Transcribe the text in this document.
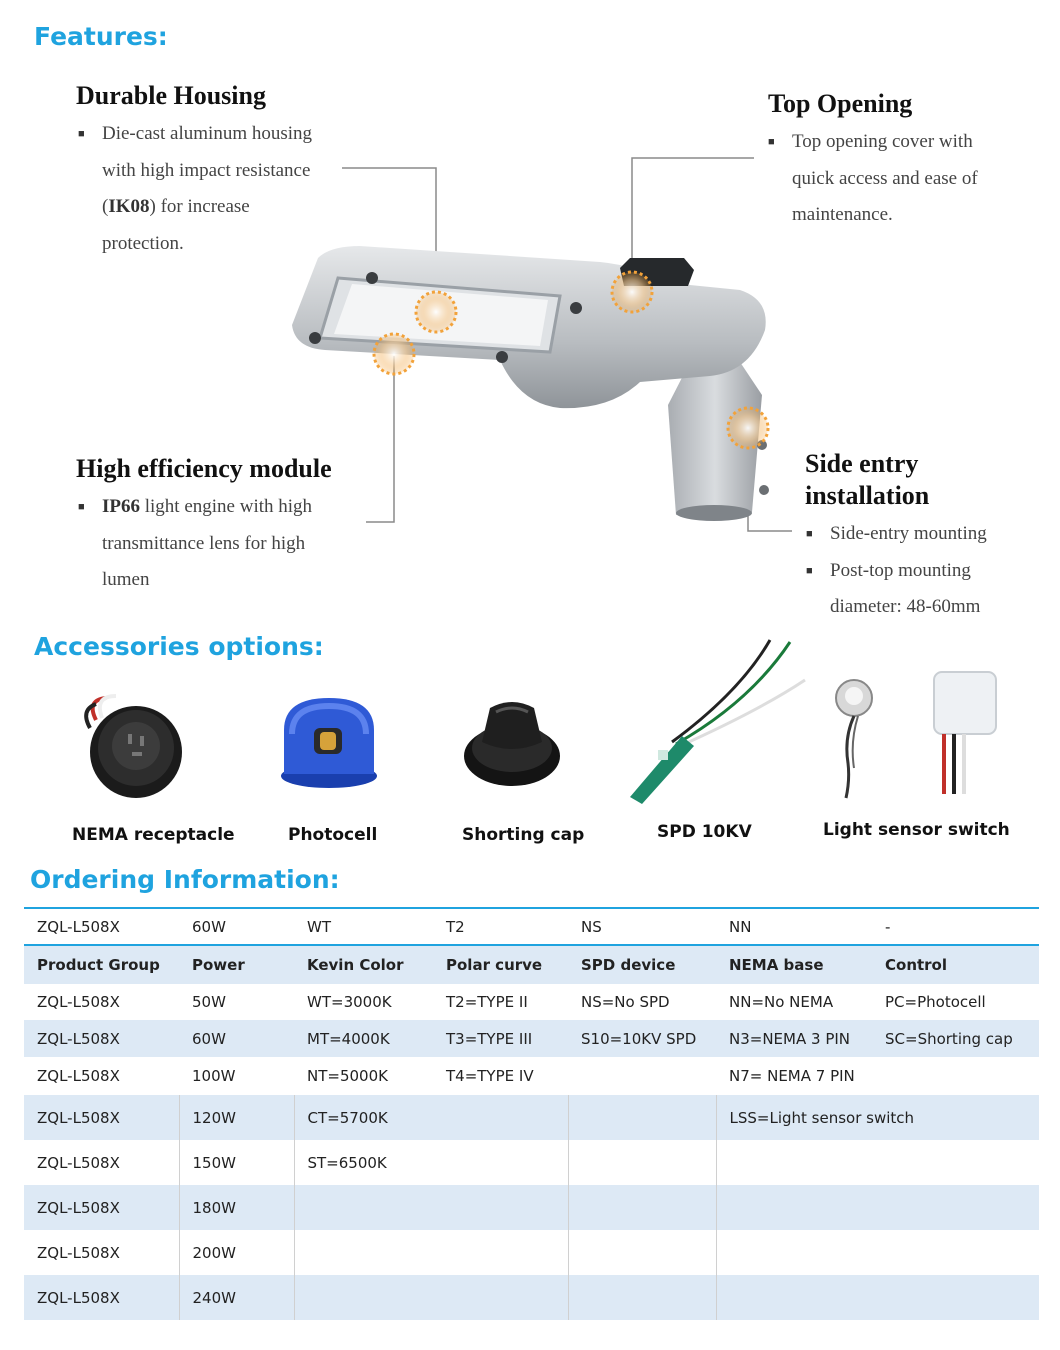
Features:
Accessories options:
Ordering Information:
Durable Housing
■ Die-cast aluminum housing
with high impact resistance
(IK08) for increase
protection.
Top Opening
■ Top opening cover with
quick access and ease of
maintenance.
High efficiency module
■ IP66 light engine with high
transmittance lens for high
lumen
Side entry
installation
■ Side-entry mounting
■ Post-top mounting
diameter: 48-60mm
NEMA receptacle	Photocell	Shorting cap	SPD 10KV	Light sensor switch
ZQL-L508X	60W	WT	T2	NS	NN	-
Product Group	Power	Kevin Color	Polar curve	SPD device	NEMA base	Control
ZQL-L508X	50W	WT=3000K	T2=TYPE II	NS=No SPD	NN=No NEMA	PC=Photocell
ZQL-L508X	60W	MT=4000K	T3=TYPE III	S10=10KV SPD	N3=NEMA 3 PIN	SC=Shorting cap
ZQL-L508X	100W	NT=5000K	T4=TYPE IV		N7= NEMA 7 PIN	
ZQL-L508X	120W	CT=5700K			LSS=Light sensor switch	
ZQL-L508X	150W	ST=6500K				
ZQL-L508X	180W					
ZQL-L508X	200W					
ZQL-L508X	240W					
